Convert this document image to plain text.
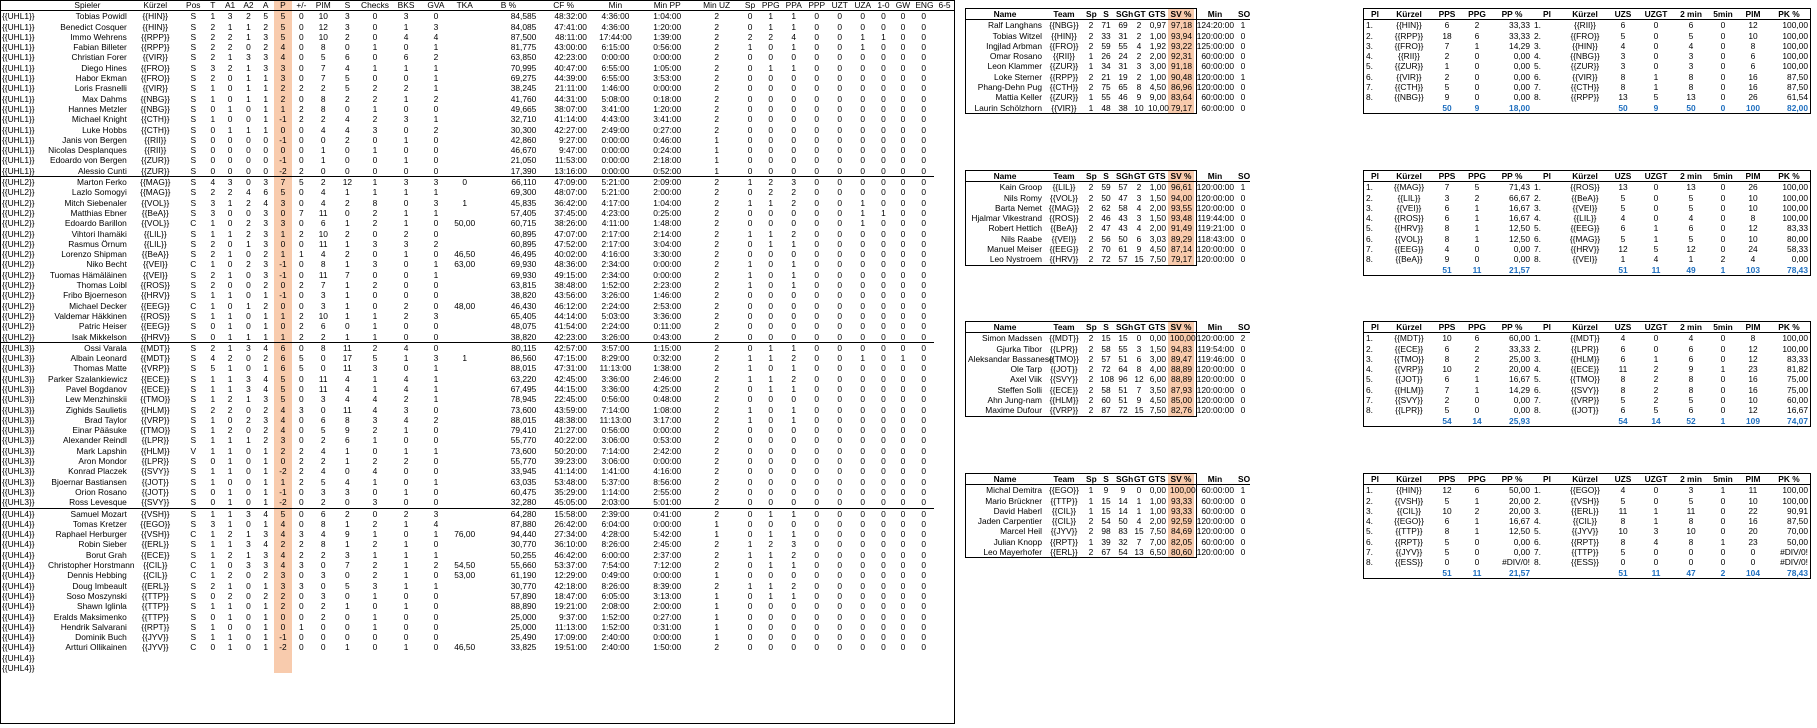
	Spieler	Kürzel	Pos	T	A1	A2	A	P	+/-	PIM	S	Checks	BKS	GVA	TKA	B %	CF %	Min	Min PP	Min UZ	Sp	PPG	PPA	PPP	UZT	UZA	1-0	GW	ENG	6-5
{{UHL1}}	Tobias Powidl	{{HIN}}	S	1	3	2	5	5	0	10	3	0	3	0		84,585	48:32:00	4:36:00	1:04:00	2	0	1	1	0	0	0	0	0	0	
{{UHL1}}	Benedict Cosquer	{{HIN}}	S	2	1	1	2	5	0	12	3	0	1	3		84,085	47:41:00	4:36:00	1:20:00	2	0	1	1	0	0	0	0	0	0	
{{UHL1}}	Immo Wehrens	{{RPP}}	S	2	2	1	3	5	0	10	2	0	4	4		87,500	48:11:00	17:44:00	1:39:00	2	2	2	4	0	0	1	1	0	0	
{{UHL1}}	Fabian Billeter	{{RPP}}	S	2	2	0	2	4	0	8	0	1	0	1		81,775	43:00:00	6:15:00	0:56:00	2	1	0	1	0	0	1	0	0	0	
{{UHL1}}	Christian Forer	{{VIR}}	S	2	1	3	3	4	0	5	6	0	6	2		63,850	42:23:00	0:00:00	0:00:00	2	0	0	0	0	0	0	0	0	0	
{{UHL1}}	Diego Hines	{{FRO}}	S	3	2	1	3	3	0	7	4	1	1	1		70,995	40:47:00	6:55:00	1:05:00	2	0	1	1	0	0	0	0	0	0	
{{UHL1}}	Habor Ekman	{{FRO}}	S	2	0	1	1	3	0	7	5	0	0	1		69,275	44:39:00	6:55:00	3:53:00	2	0	0	0	0	0	0	0	0	0	
{{UHL1}}	Loris Frasnelli	{{VIR}}	S	1	0	1	1	2	2	2	5	2	2	1		38,245	21:11:00	1:46:00	0:00:00	2	0	0	0	0	0	0	0	0	0	
{{UHL1}}	Max Dahms	{{NBG}}	S	1	0	1	1	2	0	8	2	2	1	2		41,760	44:31:00	5:08:00	0:18:00	2	0	0	0	0	0	0	0	0	0	
{{UHL1}}	Hannes Metzler	{{NBG}}	S	0	1	0	1	1	2	8	0	1	0	0		49,665	38:07:00	3:41:00	1:20:00	2	0	0	0	0	0	0	0	0	0	
{{UHL1}}	Michael Knight	{{CTH}}	S	1	0	0	1	-1	2	2	4	2	3	1		32,710	41:14:00	4:43:00	3:41:00	2	0	0	0	0	0	0	0	0	0	
{{UHL1}}	Luke Hobbs	{{CTH}}	S	0	1	1	1	0	0	4	4	3	0	2		30,300	42:27:00	2:49:00	0:27:00	2	0	0	0	0	0	0	0	0	0	
{{UHL1}}	Janis von Bergen	{{RII}}	S	0	0	0	0	-1	0	0	2	0	1	0		42,860	9:27:00	0:00:00	0:46:00	1	0	0	0	0	0	0	0	0	0	
{{UHL1}}	Nicolas Desplanques	{{RII}}	S	0	0	0	0	0	0	1	0	1	0	0		46,670	9:47:00	0:00:00	0:24:00	1	0	0	0	0	0	0	0	0	0	
{{UHL1}}	Edoardo von Bergen	{{ZUR}}	S	0	0	0	0	-1	0	1	0	0	1	0		21,050	11:53:00	0:00:00	2:18:00	1	0	0	0	0	0	0	0	0	0	
{{UHL1}}	Alessio Cunti	{{ZUR}}	S	0	0	0	0	-2	2	0	0	0	0	0		17,390	13:16:00	0:00:00	0:52:00	1	0	0	0	0	0	0	0	0	0	
{{UHL2}}	Marton Ferko	{{MAG}}	S	4	3	0	3	7	5	2	12	1	3	3	0	66,110	47:09:00	5:21:00	2:09:00	2	1	2	3	0	0	0	0	0	0	
{{UHL2}}	Lazlo Somogyi	{{MAG}}	S	2	2	4	6	5	0	4	1	1	1	1		69,300	48:07:00	5:21:00	2:00:00	2	0	2	2	0	0	0	0	0	0	
{{UHL2}}	Mitch Siebenaler	{{VOL}}	S	3	1	2	4	3	0	4	2	8	0	3	1	45,835	36:42:00	4:17:00	1:04:00	2	1	1	2	0	0	1	0	0	0	
{{UHL2}}	Matthias Ebner	{{BeA}}	S	3	0	0	3	0	7	11	0	2	1	1		57,405	37:45:00	4:23:00	0:25:00	2	0	0	0	0	0	1	1	0	0	
{{UHL2}}	Edoardo Barillon	{{VOL}}	C	1	0	2	3	3	0	6	1	2	1	0	50,00	60,715	38:26:00	4:11:00	1:48:00	2	0	0	0	0	0	1	0	0	0	
{{UHL2}}	Vihtori Ihamäki	{{LIL}}	S	1	1	2	3	1	2	10	2	0	2	0		60,895	47:07:00	2:17:00	2:14:00	2	1	1	2	0	0	0	0	0	0	
{{UHL2}}	Rasmus Örnum	{{LIL}}	S	2	0	1	3	0	0	11	1	3	3	2		60,895	47:52:00	2:17:00	3:04:00	2	0	1	1	0	0	0	0	0	0	
{{UHL2}}	Lorenzo Shipman	{{BeA}}	S	2	1	0	2	1	1	4	2	0	1	0	46,50	46,495	40:02:00	4:16:00	3:30:00	2	0	0	0	0	0	0	0	0	0	
{{UHL2}}	Niko Becht	{{VEI}}	C	1	0	2	3	-1	0	8	1	3	0	1	63,00	69,930	48:36:00	2:34:00	0:00:00	2	1	0	1	0	0	0	0	0	0	
{{UHL2}}	Tuomas Hämäläinen	{{VEI}}	S	2	1	0	3	-1	0	11	7	0	0	1		69,930	49:15:00	2:34:00	0:00:00	2	1	0	1	0	0	0	0	0	0	
{{UHL2}}	Thomas Loibl	{{ROS}}	S	2	0	0	2	0	2	7	1	2	0	0		63,815	38:48:00	1:52:00	2:23:00	2	1	0	1	0	0	0	0	0	0	
{{UHL2}}	Fribo Bjoerneson	{{HRV}}	S	1	1	0	1	-1	0	3	1	0	0	0		38,820	43:56:00	3:26:00	1:46:00	2	0	0	0	0	0	0	0	0	0	
{{UHL2}}	Michael Decker	{{EEG}}	C	1	0	1	2	0	0	3	1	0	2	0	48,00	46,430	46:12:00	2:24:00	2:53:00	2	0	0	0	0	0	0	0	0	0	
{{UHL2}}	Valdemar Häkkinen	{{ROS}}	S	1	1	0	1	1	2	10	1	1	2	3		65,405	44:14:00	5:03:00	3:36:00	2	0	0	0	0	0	0	0	0	0	
{{UHL2}}	Patric Heiser	{{EEG}}	S	0	1	0	1	0	2	6	0	1	0	0		48,075	41:54:00	2:24:00	0:11:00	2	0	0	0	0	0	0	0	0	0	
{{UHL2}}	Isak Mikkelson	{{HRV}}	S	0	1	1	1	1	2	2	1	1	0	0		38,820	42:23:00	3:26:00	0:43:00	2	0	0	0	0	0	0	0	0	0	
{{UHL3}}	Ossi Varala	{{MDT}}	S	2	1	3	4	6	0	8	11	2	4	0		80,115	42:57:00	3:57:00	1:15:00	2	0	1	1	0	0	0	0	0	0	
{{UHL3}}	Albain Leonard	{{MDT}}	S	4	2	0	2	6	5	0	17	5	1	3	1	86,560	47:15:00	8:29:00	0:32:00	2	1	1	2	0	0	1	0	1	0	
{{UHL3}}	Thomas Matte	{{VRP}}	S	5	1	0	1	6	5	0	11	3	0	1		88,015	47:31:00	11:13:00	1:38:00	2	1	0	1	0	0	0	0	0	0	
{{UHL3}}	Parker Szalankiewicz	{{ECE}}	S	1	1	3	4	5	0	11	4	1	4	1		63,220	42:45:00	3:36:00	2:46:00	2	1	1	2	0	0	0	0	0	0	
{{UHL3}}	Pavel Bogdanov	{{ECE}}	S	1	1	3	4	5	0	11	4	1	4	1		67,495	44:15:00	3:36:00	4:25:00	2	0	1	1	0	0	0	0	0	0	
{{UHL3}}	Lew Menzhinskii	{{TMO}}	S	1	2	1	3	5	0	3	4	4	2	1		78,945	22:45:00	0:56:00	0:48:00	2	0	0	0	0	0	0	0	0	0	
{{UHL3}}	Zighids Saulietis	{{HLM}}	S	2	2	0	2	4	3	0	11	4	3	0		73,600	43:59:00	7:14:00	1:08:00	2	1	0	1	0	0	0	0	0	0	
{{UHL3}}	Brad Taylor	{{VRP}}	S	1	0	2	3	4	0	6	8	3	4	2		88,015	48:38:00	11:13:00	3:17:00	2	1	0	1	0	0	0	0	0	0	
{{UHL3}}	Einar Pääsuke	{{TMO}}	S	1	2	0	2	4	0	5	9	2	1	0		79,410	21:27:00	0:56:00	0:00:00	2	0	0	0	0	0	0	0	0	0	
{{UHL3}}	Alexander Reindl	{{LPR}}	S	1	1	1	2	3	0	2	6	1	0	0		55,770	40:22:00	3:06:00	0:53:00	2	0	0	0	0	0	0	0	0	0	
{{UHL3}}	Mark Lapshin	{{HLM}}	V	1	1	0	1	2	2	4	1	0	1	1		73,600	50:20:00	7:14:00	2:42:00	2	0	0	0	0	0	0	0	0	0	
{{UHL3}}	Aron Mondor	{{LPR}}	S	0	1	0	1	0	2	2	1	2	2	0		55,770	39:23:00	3:06:00	0:00:00	2	0	0	0	0	0	0	0	0	0	
{{UHL3}}	Konrad Placzek	{{SVY}}	S	1	1	0	1	-2	2	4	0	4	0	0		33,945	41:14:00	1:41:00	4:16:00	2	0	0	0	0	0	0	0	0	0	
{{UHL3}}	Bjoernar Bastiansen	{{JOT}}	S	1	0	0	1	1	2	5	4	1	0	1		63,035	53:48:00	5:37:00	8:56:00	2	0	0	0	0	0	0	0	0	0	
{{UHL3}}	Orion Rosano	{{JOT}}	S	0	1	0	1	-1	0	3	3	0	1	0		60,475	35:29:00	1:14:00	2:55:00	2	0	0	0	0	0	0	0	0	0	
{{UHL3}}	Ross Levesque	{{SVY}}	S	0	1	0	1	-2	0	2	0	3	0	0		32,280	45:05:00	2:03:00	5:01:00	2	0	0	0	0	0	0	0	0	0	
{{UHL4}}	Samuel Mozart	{{VSH}}	S	1	1	3	4	5	0	6	2	0	2	3		64,280	15:58:00	2:39:00	0:41:00	2	0	1	1	0	0	0	0	0	0	
{{UHL4}}	Tomas Kretzer	{{EGO}}	S	3	1	0	1	4	0	8	1	2	1	4		87,880	26:42:00	6:04:00	0:00:00	1	0	0	0	0	0	0	0	0	0	
{{UHL4}}	Raphael Herburger	{{VSH}}	C	1	2	1	3	4	3	4	9	1	0	1	76,00	94,440	27:34:00	4:28:00	5:42:00	1	0	1	1	0	0	0	0	0	0	
{{UHL4}}	Robin Sieber	{{ERL}}	S	1	1	3	4	2	2	8	1	2	1	0		30,770	36:10:00	8:26:00	2:45:00	2	1	2	3	0	0	0	0	0	0	
{{UHL4}}	Borut Grah	{{ECE}}	S	1	2	1	3	4	2	2	3	1	1	1		50,255	46:42:00	6:00:00	2:37:00	2	1	1	2	0	0	0	0	0	0	
{{UHL4}}	Christopher Horstmann	{{CIL}}	C	1	0	3	3	4	3	0	7	2	1	2	54,50	55,660	53:37:00	7:54:00	7:12:00	2	0	1	1	0	0	0	0	0	0	
{{UHL4}}	Dennis Hebbing	{{CIL}}	C	1	2	0	2	3	0	3	0	2	1	0	53,00	61,190	12:29:00	0:49:00	0:00:00	1	0	0	0	0	0	0	0	0	0	
{{UHL4}}	Doug Imbeault	{{ERL}}	S	2	1	0	1	3	3	0	5	3	1	1		30,770	42:18:00	8:26:00	8:39:00	2	1	1	2	0	0	0	0	0	0	
{{UHL4}}	Soso Moszynski	{{TTP}}	S	0	2	0	2	2	0	3	0	1	0	0		57,890	18:47:00	6:05:00	3:13:00	1	0	1	1	0	0	0	0	0	0	
{{UHL4}}	Shawn Iglinla	{{TTP}}	S	1	1	0	1	2	0	2	1	0	1	0		88,890	19:21:00	2:08:00	2:00:00	1	0	0	0	0	0	0	0	0	0	
{{UHL4}}	Eralds Maksimenko	{{TTP}}	S	0	1	0	1	0	0	2	0	1	0	0		25,000	9:37:00	1:52:00	0:27:00	1	0	0	0	0	0	0	0	0	0	
{{UHL4}}	Hendrik Salvarani	{{RPT}}	S	1	0	0	1	0	1	0	0	1	0	0		25,000	11:13:00	1:52:00	0:31:00	1	0	0	0	0	0	0	0	0	0	
{{UHL4}}	Dominik Buch	{{JYV}}	S	1	1	0	1	-1	0	0	0	0	0	0		25,490	17:09:00	2:40:00	0:00:00	1	0	0	0	0	0	0	0	0	0	
{{UHL4}}	Artturi Ollikainen	{{JYV}}	C	0	1	0	1	-2	0	0	1	0	1	0	46,50	33,825	19:51:00	2:40:00	1:50:00	2	0	0	0	0	0	0	0	0	0	
{{UHL4}}																														
{{UHL4}}																														
Name	Team	Sp	S	SGh	GT	GTS	SV %	Min	SO
Ralf Langhans	{{NBG}}	2	71	69	2	0,97	97,18	124:20:00	1
Tobias Witzel	{{HIN}}	2	33	31	2	1,00	93,94	120:00:00	0
Ingjlad Arbman	{{FRO}}	2	59	55	4	1,92	93,22	125:00:00	0
Omar Rosano	{{RII}}	1	26	24	2	2,00	92,31	60:00:00	0
Leon Klammer	{{ZUR}}	1	34	31	3	3,00	91,18	60:00:00	0
Loke Sterner	{{RPP}}	2	21	19	2	1,00	90,48	120:00:00	1
Phang-Dehn Pug	{{CTH}}	2	75	65	8	4,50	86,96	120:00:00	0
Mattia Keller	{{ZUR}}	1	55	46	9	9,00	83,64	60:00:00	0
Laurin Schölzhorn	{{VIR}}	1	48	38	10	10,00	79,17	60:00:00	0
Name	Team	Sp	S	SGh	GT	GTS	SV %	Min	SO
Kain Groop	{{LIL}}	2	59	57	2	1,00	96,61	120:00:00	1
Nils Romy	{{VOL}}	2	50	47	3	1,50	94,00	120:00:00	0
Barta Nemet	{{MAG}}	2	62	58	4	2,00	93,55	120:00:00	0
Hjalmar Vikestrand	{{ROS}}	2	46	43	3	1,50	93,48	119:44:00	0
Robert Hettich	{{BeA}}	2	47	43	4	2,00	91,49	119:21:00	0
Nils Raabe	{{VEI}}	2	56	50	6	3,03	89,29	118:43:00	0
Manuel Meiser	{{EEG}}	2	70	61	9	4,50	87,14	120:00:00	0
Leo Nystroem	{{HRV}}	2	72	57	15	7,50	79,17	120:00:00	0
Name	Team	Sp	S	SGh	GT	GTS	SV %	Min	SO
Simon Madssen	{{MDT}}	2	15	15	0	0,00	100,00	120:00:00	2
Gjurka Tibor	{{LPR}}	2	58	55	3	1,50	94,83	119:54:00	0
Aleksandar Bassanese	{{TMO}}	2	57	51	6	3,00	89,47	119:46:00	0
Ole Tarp	{{JOT}}	2	72	64	8	4,00	88,89	120:00:00	0
Axel Viik	{{SVY}}	2	108	96	12	6,00	88,89	120:00:00	0
Steffen Solli	{{ECE}}	2	58	51	7	3,50	87,93	120:00:00	0
Ahn Jung-nam	{{HLM}}	2	60	51	9	4,50	85,00	120:00:00	0
Maxime Dufour	{{VRP}}	2	87	72	15	7,50	82,76	120:00:00	0
Name	Team	Sp	S	SGh	GT	GTS	SV %	Min	SO
Michal Demitra	{{EGO}}	1	9	9	0	0,00	100,00	60:00:00	1
Mario Brückner	{{TTP}}	1	15	14	1	1,00	93,33	60:00:00	0
David Haberl	{{CIL}}	1	15	14	1	1,00	93,33	60:00:00	0
Jaden Carpentier	{{CIL}}	2	54	50	4	2,00	92,59	120:00:00	0
Marcel Heil	{{JYV}}	2	98	83	15	7,50	84,69	120:00:00	0
Julian Knopp	{{RPT}}	1	39	32	7	7,00	82,05	60:00:00	0
Leo Mayerhofer	{{ERL}}	2	67	54	13	6,50	80,60	120:00:00	0
Pl	Kürzel	PPS	PPG	PP %	Pl	Kürzel	UZS	UZGT	2 min	5min	PIM	PK %
1.	{{HIN}}	6	2	33,33	1.	{{RII}}	6	0	6	0	12	100,00
2.	{{RPP}}	18	6	33,33	2.	{{FRO}}	5	0	5	0	10	100,00
3.	{{FRO}}	7	1	14,29	3.	{{HIN}}	4	0	4	0	8	100,00
4.	{{RII}}	2	0	0,00	4.	{{NBG}}	3	0	3	0	6	100,00
5.	{{ZUR}}	1	0	0,00	5.	{{ZUR}}	3	0	3	0	6	100,00
6.	{{VIR}}	2	0	0,00	6.	{{VIR}}	8	1	8	0	16	87,50
7.	{{CTH}}	5	0	0,00	7.	{{CTH}}	8	1	8	0	16	87,50
8.	{{NBG}}	9	0	0,00	8.	{{RPP}}	13	5	13	0	26	61,54
		50	9	18,00			50	9	50	0	100	82,00
Pl	Kürzel	PPS	PPG	PP %	Pl	Kürzel	UZS	UZGT	2 min	5min	PIM	PK %
1.	{{MAG}}	7	5	71,43	1.	{{ROS}}	13	0	13	0	26	100,00
2.	{{LIL}}	3	2	66,67	2.	{{BeA}}	5	0	5	0	10	100,00
3.	{{VEI}}	6	1	16,67	3.	{{VEI}}	5	0	5	0	10	100,00
4.	{{ROS}}	6	1	16,67	4.	{{LIL}}	4	0	4	0	8	100,00
5.	{{HRV}}	8	1	12,50	5.	{{EEG}}	6	1	6	0	12	83,33
6.	{{VOL}}	8	1	12,50	6.	{{MAG}}	5	1	5	0	10	80,00
7.	{{EEG}}	4	0	0,00	7.	{{HRV}}	12	5	12	0	24	58,33
8.	{{BeA}}	9	0	0,00	8.	{{VEI}}	1	4	1	2	4	0,00
		51	11	21,57			51	11	49	1	103	78,43
Pl	Kürzel	PPS	PPG	PP %	Pl	Kürzel	UZS	UZGT	2 min	5min	PIM	PK %
1.	{{MDT}}	10	6	60,00	1.	{{MDT}}	4	0	4	0	8	100,00
2.	{{ECE}}	6	2	33,33	2.	{{LPR}}	6	0	6	0	12	100,00
3.	{{TMO}}	8	2	25,00	3.	{{HLM}}	6	1	6	0	12	83,33
4.	{{VRP}}	10	2	20,00	4.	{{ECE}}	11	2	9	1	23	81,82
5.	{{JOT}}	6	1	16,67	5.	{{TMO}}	8	2	8	0	16	75,00
6.	{{HLM}}	7	1	14,29	6.	{{SVY}}	8	2	8	0	16	75,00
7.	{{SVY}}	2	0	0,00	7.	{{VRP}}	5	2	5	0	10	60,00
8.	{{LPR}}	5	0	0,00	8.	{{JOT}}	6	5	6	0	12	16,67
		54	14	25,93			54	14	52	1	109	74,07
Pl	Kürzel	PPS	PPG	PP %	Pl	Kürzel	UZS	UZGT	2 min	5min	PIM	PK %
1.	{{HIN}}	12	6	50,00	1.	{{EGO}}	4	0	3	1	11	100,00
2.	{{VSH}}	5	1	20,00	2.	{{VSH}}	5	0	5	0	10	100,00
3.	{{CIL}}	10	2	20,00	3.	{{ERL}}	11	1	11	0	22	90,91
4.	{{EGO}}	6	1	16,67	4.	{{CIL}}	8	1	8	0	16	87,50
5.	{{TTP}}	8	1	12,50	5.	{{JYV}}	10	3	10	0	20	70,00
6.	{{RPT}}	5	0	0,00	6.	{{RPT}}	8	4	8	1	23	50,00
7.	{{JYV}}	5	0	0,00	7.	{{TTP}}	5	0	0	0	0	#DIV/0!
8.	{{ESS}}	0	0	#DIV/0!	8.	{{ESS}}	0	0	0	0	0	#DIV/0!
		51	11	21,57			51	11	47	2	104	78,43
